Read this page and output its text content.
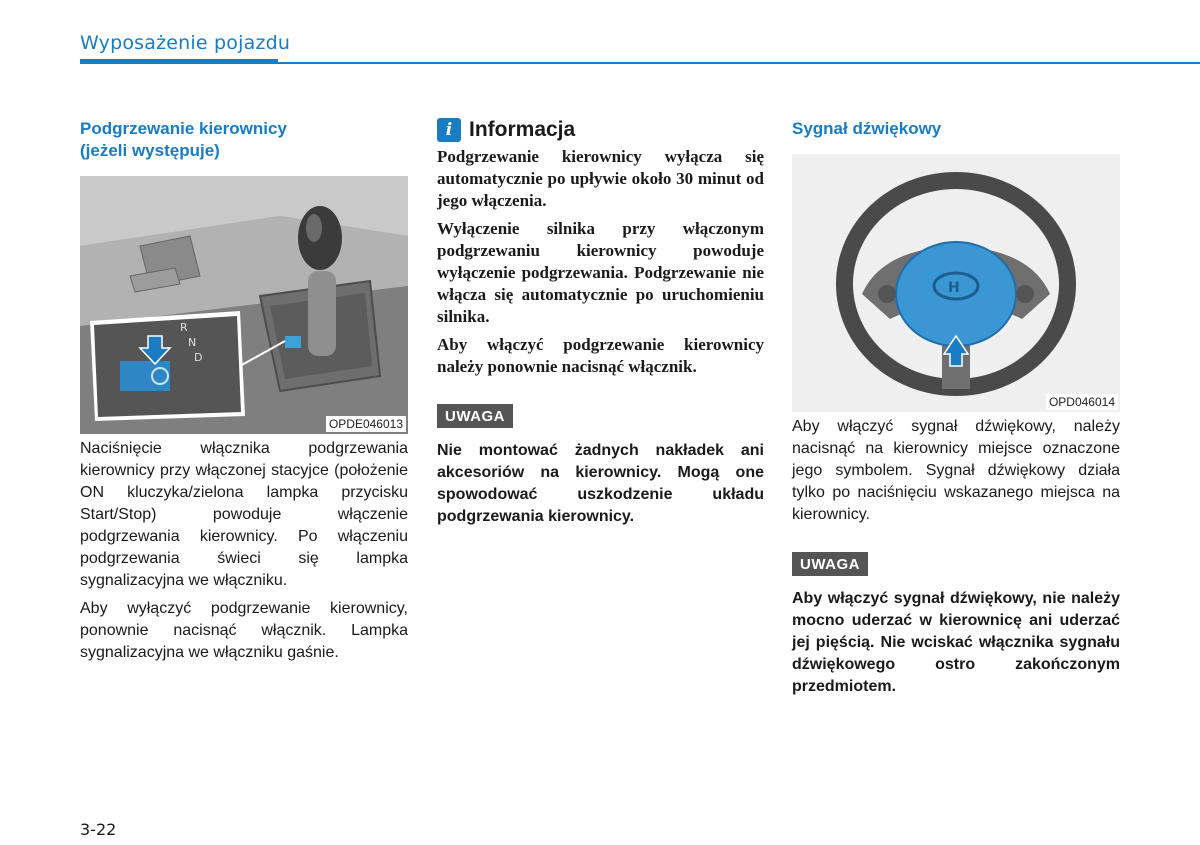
Wyposażenie pojazdu
Podgrzewanie kierownicy
(jeżeli występuje)
R
N
D
OPDE046013

Naciśnięcie włącznika podgrzewania kierownicy przy włączonej stacyjce (położenie ON kluczyka/zielona lampka przycisku Start/Stop) powoduje włączenie podgrzewania kierownicy. Po włączeniu podgrzewania świeci się lampka sygnalizacyjna we włączniku.

Aby wyłączyć podgrzewanie kierownicy, ponownie nacisnąć włącznik. Lampka sygnalizacyjna we włączniku gaśnie.

i Informacja

Podgrzewanie kierownicy wyłącza się automatycznie po upływie około 30 minut od jego włączenia.

Wyłączenie silnika przy włączonym podgrzewaniu kierownicy powoduje wyłączenie podgrzewania. Podgrzewanie nie włącza się automatycznie po uruchomieniu silnika.

Aby włączyć podgrzewanie kierownicy należy ponownie nacisnąć włącznik.

UWAGA

Nie montować żadnych nakładek ani akcesoriów na kierownicy. Mogą one spowodować uszkodzenie układu podgrzewania kierownicy.

Sygnał dźwiękowy
H
OPD046014

Aby włączyć sygnał dźwiękowy, należy nacisnąć na kierownicy miejsce oznaczone jego symbolem. Sygnał dźwiękowy działa tylko po naciśnięciu wskazanego miejsca na kierownicy.

UWAGA

Aby włączyć sygnał dźwiękowy, nie należy mocno uderzać w kierownicę ani uderzać jej pięścią. Nie wciskać włącznika sygnału dźwiękowego ostro zakończonym przedmiotem.

3-22
